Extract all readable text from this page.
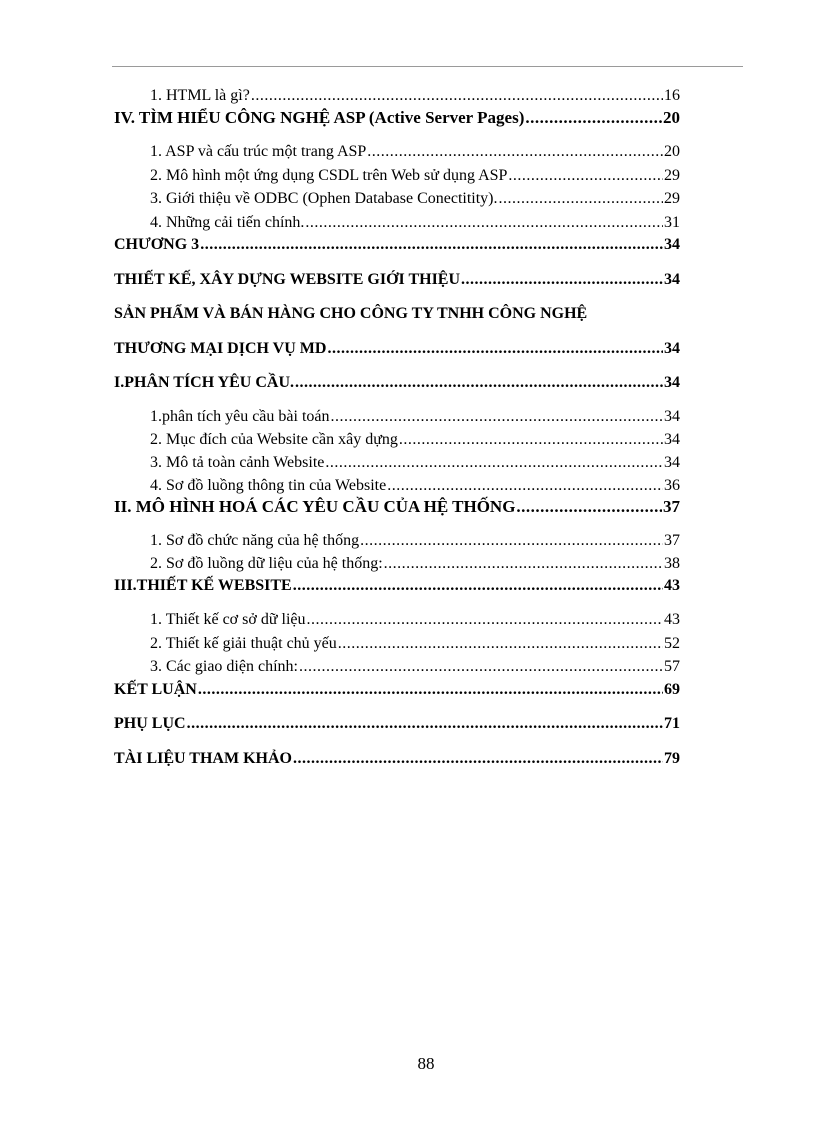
1. HTML là gì? .....	16
IV. TÌM HIỂU CÔNG NGHỆ ASP (Active Server Pages) .....	20
1. ASP và cấu trúc một trang ASP .....	20
2. Mô hình một ứng dụng CSDL trên Web sử dụng ASP .....	29
3. Giới thiệu về ODBC (Ophen Database Conectitity). .....	29
4. Những cải tiến chính. .....	31
CHƯƠNG 3 .....	34
THIẾT KẾ, XÂY DỰNG WEBSITE GIỚI THIỆU .....	34
SẢN PHẨM VÀ BÁN HÀNG CHO CÔNG TY TNHH CÔNG NGHỆ
THƯƠNG MẠI DỊCH VỤ MD .....	34
I.PHÂN TÍCH YÊU CẦU. .....	34
1.phân tích yêu cầu bài toán .....	34
2. Mục đích của Website cần xây dựng .....	34
3. Mô tả toàn cảnh Website .....	34
4. Sơ đồ luồng thông tin của Website .....	36
II. MÔ HÌNH HOÁ CÁC YÊU CẦU CỦA HỆ THỐNG .....	37
1. Sơ đồ chức năng của hệ thống .....	37
2. Sơ đồ luồng dữ liệu của hệ thống: .....	38
III.THIẾT KẾ WEBSITE .....	43
1. Thiết kế cơ sở dữ liệu .....	43
2. Thiết kế giải thuật chủ yếu .....	52
3. Các giao diện chính: .....	57
KẾT LUẬN .....	69
PHỤ LỤC .....	71
TÀI LIỆU THAM KHẢO .....	79
88
